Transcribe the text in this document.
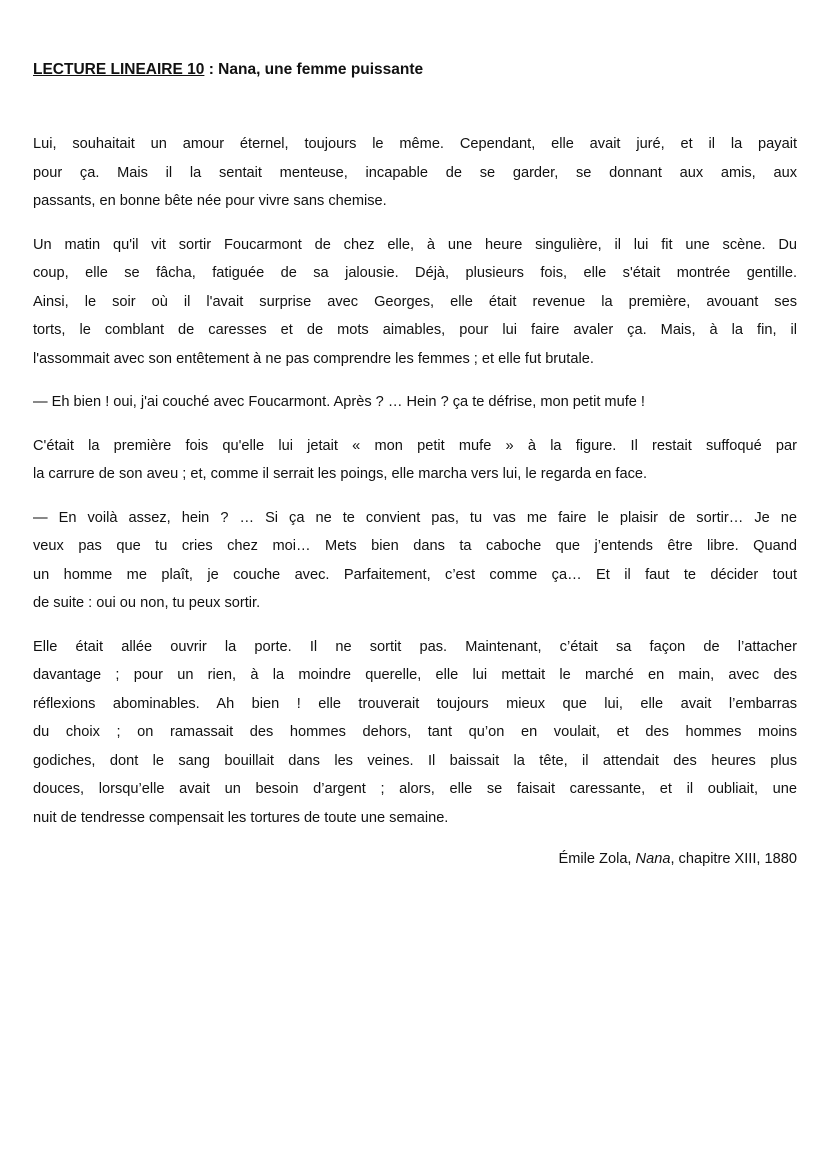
LECTURE LINEAIRE 10 : Nana, une femme puissante
Lui, souhaitait un amour éternel, toujours le même. Cependant, elle avait juré, et il la payait
pour ça. Mais il la sentait menteuse, incapable de se garder, se donnant aux amis, aux
passants, en bonne bête née pour vivre sans chemise.
Un matin qu'il vit sortir Foucarmont de chez elle, à une heure singulière, il lui fit une scène. Du
coup, elle se fâcha, fatiguée de sa jalousie. Déjà, plusieurs fois, elle s'était montrée gentille.
Ainsi, le soir où il l'avait surprise avec Georges, elle était revenue la première, avouant ses
torts, le comblant de caresses et de mots aimables, pour lui faire avaler ça. Mais, à la fin, il
l'assommait avec son entêtement à ne pas comprendre les femmes ; et elle fut brutale.
— Eh bien ! oui, j'ai couché avec Foucarmont. Après ? … Hein ? ça te défrise, mon petit mufe !
C'était la première fois qu'elle lui jetait « mon petit mufe » à la figure. Il restait suffoqué par
la carrure de son aveu ; et, comme il serrait les poings, elle marcha vers lui, le regarda en face.
— En voilà assez, hein ? … Si ça ne te convient pas, tu vas me faire le plaisir de sortir… Je ne
veux pas que tu cries chez moi… Mets bien dans ta caboche que j’entends être libre. Quand
un homme me plaît, je couche avec. Parfaitement, c’est comme ça… Et il faut te décider tout
de suite : oui ou non, tu peux sortir.
Elle était allée ouvrir la porte. Il ne sortit pas. Maintenant, c’était sa façon de l’attacher
davantage ; pour un rien, à la moindre querelle, elle lui mettait le marché en main, avec des
réflexions abominables. Ah bien ! elle trouverait toujours mieux que lui, elle avait l’embarras
du choix ; on ramassait des hommes dehors, tant qu’on en voulait, et des hommes moins
godiches, dont le sang bouillait dans les veines. Il baissait la tête, il attendait des heures plus
douces, lorsqu’elle avait un besoin d’argent ; alors, elle se faisait caressante, et il oubliait, une
nuit de tendresse compensait les tortures de toute une semaine.
Émile Zola, Nana, chapitre XIII, 1880
